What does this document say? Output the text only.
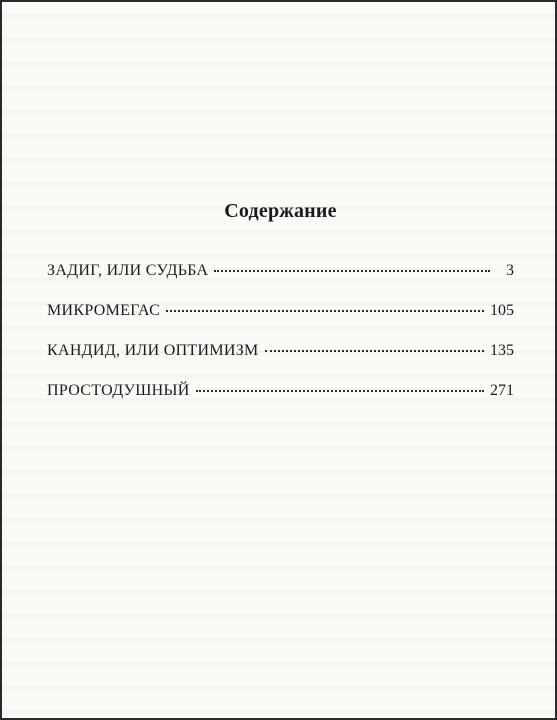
Содержание
ЗАДИГ, ИЛИ СУДЬБА	3
МИКРОМЕГАС	105
КАНДИД, ИЛИ ОПТИМИЗМ	135
ПРОСТОДУШНЫЙ	271
